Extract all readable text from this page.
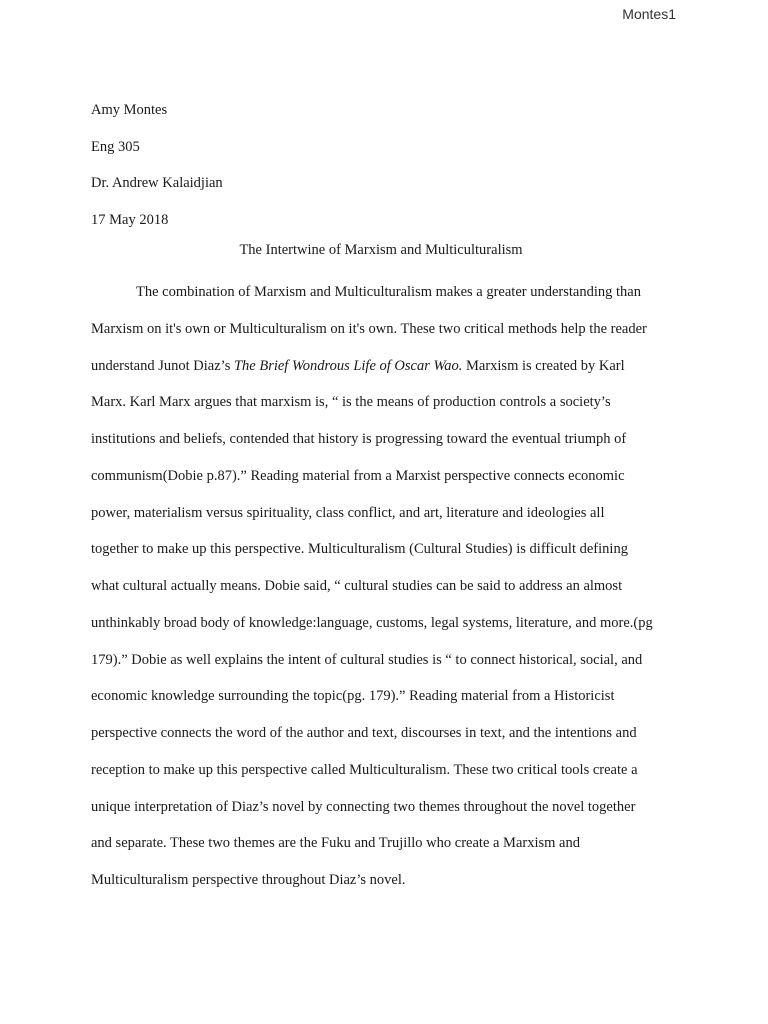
Montes1
Amy Montes
Eng 305
Dr. Andrew Kalaidjian
17 May 2018
The Intertwine of Marxism and Multiculturalism
The combination of Marxism and Multiculturalism makes a greater understanding than
Marxism on it's own or Multiculturalism on it's own. These two critical methods help the reader
understand Junot Diaz’s The Brief Wondrous Life of Oscar Wao. Marxism is created by Karl
Marx. Karl Marx argues that marxism is, “ is the means of production controls a society’s
institutions and beliefs, contended that history is progressing toward the eventual triumph of
communism(Dobie p.87).” Reading material from a Marxist perspective connects economic
power, materialism versus spirituality, class conflict, and art, literature and ideologies all
together to make up this perspective. Multiculturalism (Cultural Studies) is difficult defining
what cultural actually means. Dobie said, “ cultural studies can be said to address an almost
unthinkably broad body of knowledge:language, customs, legal systems, literature, and more.(pg
179).” Dobie as well explains the intent of cultural studies is “ to connect historical, social, and
economic knowledge surrounding the topic(pg. 179).” Reading material from a Historicist
perspective connects the word of the author and text, discourses in text, and the intentions and
reception to make up this perspective called Multiculturalism. These two critical tools create a
unique interpretation of Diaz’s novel by connecting two themes throughout the novel together
and separate. These two themes are the Fuku and Trujillo who create a Marxism and
Multiculturalism perspective throughout Diaz’s novel.
